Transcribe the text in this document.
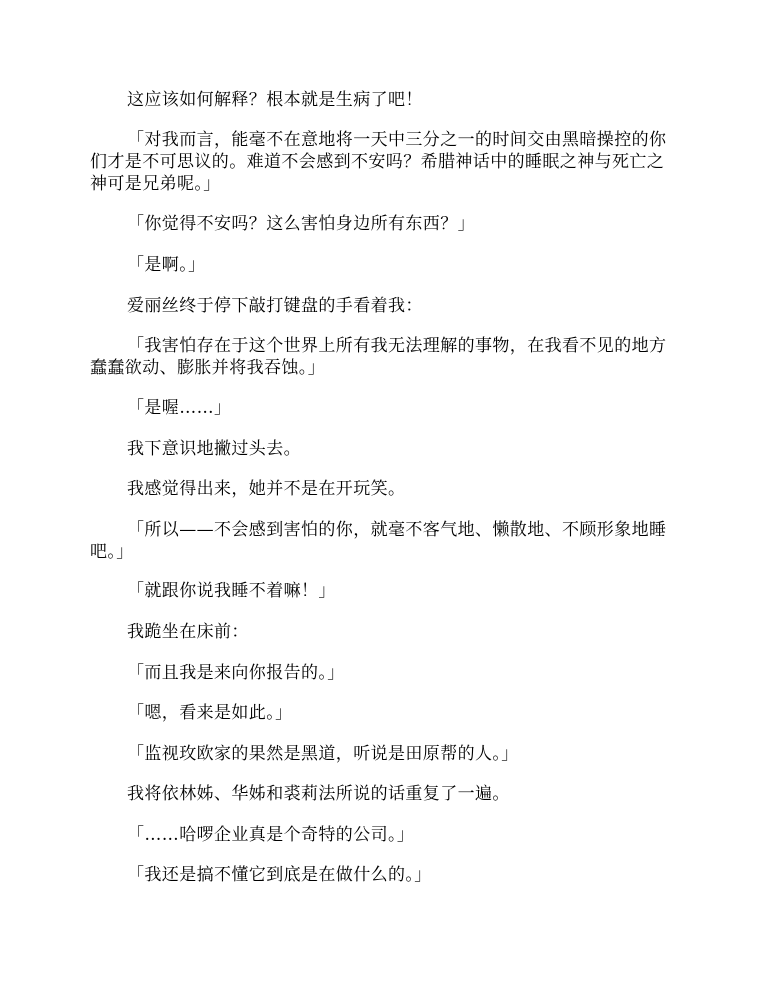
这应该如何解释？根本就是生病了吧！

「对我而言，能毫不在意地将一天中三分之一的时间交由黑暗操控的你们才是不可思议的。难道不会感到不安吗？希腊神话中的睡眠之神与死亡之神可是兄弟呢。」

「你觉得不安吗？这么害怕身边所有东西？」

「是啊。」

爱丽丝终于停下敲打键盘的手看着我：

「我害怕存在于这个世界上所有我无法理解的事物，在我看不见的地方蠢蠢欲动、膨胀并将我吞蚀。」

「是喔……」

我下意识地撇过头去。

我感觉得出来，她并不是在开玩笑。

「所以——不会感到害怕的你，就毫不客气地、懒散地、不顾形象地睡吧。」

「就跟你说我睡不着嘛！」

我跪坐在床前：

「而且我是来向你报告的。」

「嗯，看来是如此。」

「监视玫欧家的果然是黑道，听说是田原帮的人。」

我将依林姊、华姊和裘莉法所说的话重复了一遍。

「……哈啰企业真是个奇特的公司。」

「我还是搞不懂它到底是在做什么的。」
